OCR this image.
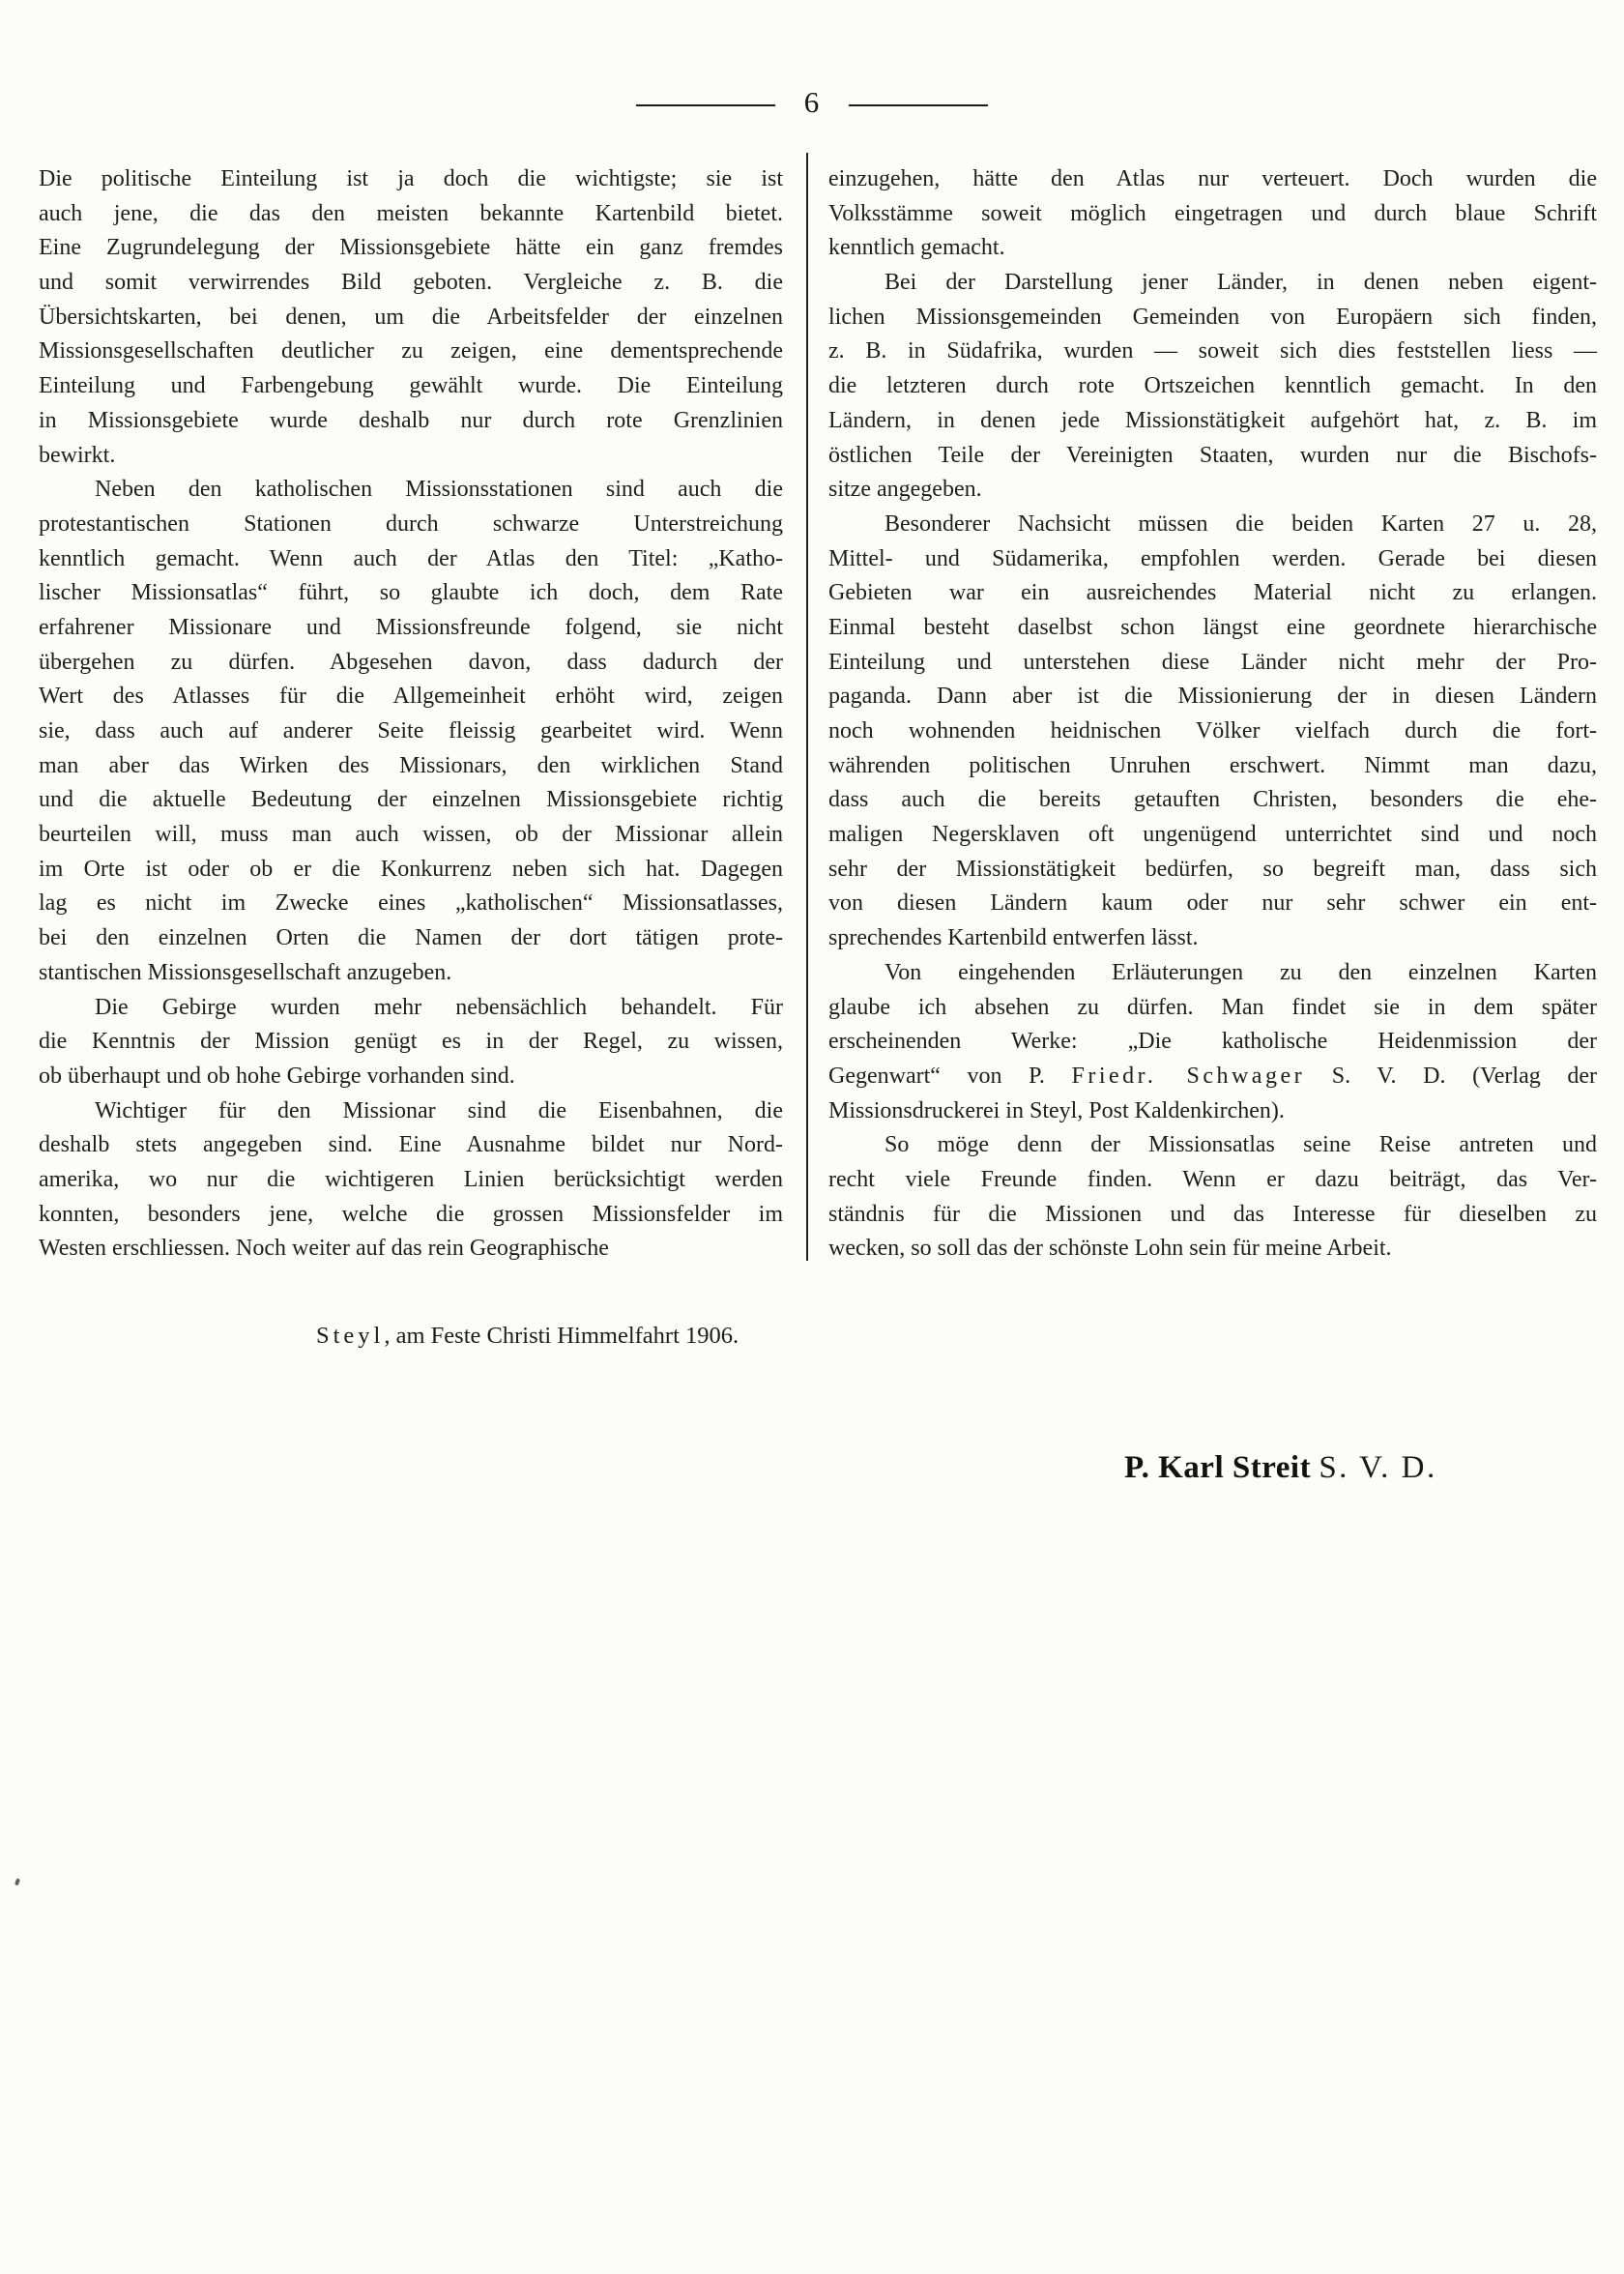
6
Die politische Einteilung ist ja doch die wichtigste; sie ist
auch jene, die das den meisten bekannte Kartenbild bietet.
Eine Zugrundelegung der Missionsgebiete hätte ein ganz fremdes
und somit verwirrendes Bild geboten. Vergleiche z. B. die
Übersichtskarten, bei denen, um die Arbeitsfelder der einzelnen
Missionsgesellschaften deutlicher zu zeigen, eine dementsprechende
Einteilung und Farbengebung gewählt wurde. Die Einteilung
in Missionsgebiete wurde deshalb nur durch rote Grenzlinien
bewirkt.
Neben den katholischen Missionsstationen sind auch die
protestantischen Stationen durch schwarze Unterstreichung
kenntlich gemacht. Wenn auch der Atlas den Titel: „Katho-
lischer Missionsatlas“ führt, so glaubte ich doch, dem Rate
erfahrener Missionare und Missionsfreunde folgend, sie nicht
übergehen zu dürfen. Abgesehen davon, dass dadurch der
Wert des Atlasses für die Allgemeinheit erhöht wird, zeigen
sie, dass auch auf anderer Seite fleissig gearbeitet wird. Wenn
man aber das Wirken des Missionars, den wirklichen Stand
und die aktuelle Bedeutung der einzelnen Missionsgebiete richtig
beurteilen will, muss man auch wissen, ob der Missionar allein
im Orte ist oder ob er die Konkurrenz neben sich hat. Dagegen
lag es nicht im Zwecke eines „katholischen“ Missionsatlasses,
bei den einzelnen Orten die Namen der dort tätigen prote-
stantischen Missionsgesellschaft anzugeben.
Die Gebirge wurden mehr nebensächlich behandelt. Für
die Kenntnis der Mission genügt es in der Regel, zu wissen,
ob überhaupt und ob hohe Gebirge vorhanden sind.
Wichtiger für den Missionar sind die Eisenbahnen, die
deshalb stets angegeben sind. Eine Ausnahme bildet nur Nord-
amerika, wo nur die wichtigeren Linien berücksichtigt werden
konnten, besonders jene, welche die grossen Missionsfelder im
Westen erschliessen. Noch weiter auf das rein Geographische
einzugehen, hätte den Atlas nur verteuert. Doch wurden die
Volksstämme soweit möglich eingetragen und durch blaue Schrift
kenntlich gemacht.
Bei der Darstellung jener Länder, in denen neben eigent-
lichen Missionsgemeinden Gemeinden von Europäern sich finden,
z. B. in Südafrika, wurden — soweit sich dies feststellen liess —
die letzteren durch rote Ortszeichen kenntlich gemacht. In den
Ländern, in denen jede Missionstätigkeit aufgehört hat, z. B. im
östlichen Teile der Vereinigten Staaten, wurden nur die Bischofs-
sitze angegeben.
Besonderer Nachsicht müssen die beiden Karten 27 u. 28,
Mittel- und Südamerika, empfohlen werden. Gerade bei diesen
Gebieten war ein ausreichendes Material nicht zu erlangen.
Einmal besteht daselbst schon längst eine geordnete hierarchische
Einteilung und unterstehen diese Länder nicht mehr der Pro-
paganda. Dann aber ist die Missionierung der in diesen Ländern
noch wohnenden heidnischen Völker vielfach durch die fort-
währenden politischen Unruhen erschwert. Nimmt man dazu,
dass auch die bereits getauften Christen, besonders die ehe-
maligen Negersklaven oft ungenügend unterrichtet sind und noch
sehr der Missionstätigkeit bedürfen, so begreift man, dass sich
von diesen Ländern kaum oder nur sehr schwer ein ent-
sprechendes Kartenbild entwerfen lässt.
Von eingehenden Erläuterungen zu den einzelnen Karten
glaube ich absehen zu dürfen. Man findet sie in dem später
erscheinenden Werke: „Die katholische Heidenmission der
Gegenwart“ von P. Friedr. Schwager S. V. D. (Verlag der
Missionsdruckerei in Steyl, Post Kaldenkirchen).
So möge denn der Missionsatlas seine Reise antreten und
recht viele Freunde finden. Wenn er dazu beiträgt, das Ver-
ständnis für die Missionen und das Interesse für dieselben zu
wecken, so soll das der schönste Lohn sein für meine Arbeit.
Steyl, am Feste Christi Himmelfahrt 1906.
P. Karl Streit S. V. D.
